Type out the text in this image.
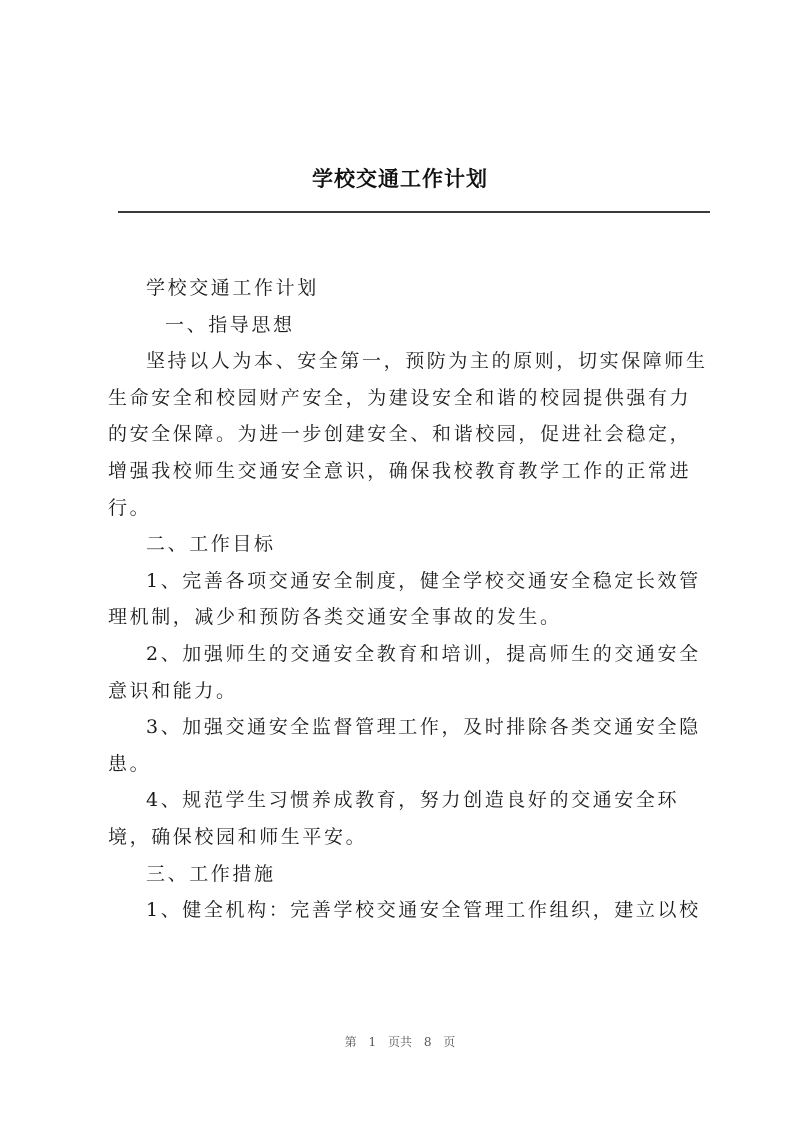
学校交通工作计划

学校交通工作计划

一、指导思想

坚持以人为本、安全第一，预防为主的原则，切实保障师生生命安全和校园财产安全，为建设安全和谐的校园提供强有力的安全保障。为进一步创建安全、和谐校园，促进社会稳定，增强我校师生交通安全意识，确保我校教育教学工作的正常进行。

二、工作目标

1、完善各项交通安全制度，健全学校交通安全稳定长效管理机制，减少和预防各类交通安全事故的发生。

2、加强师生的交通安全教育和培训，提高师生的交通安全意识和能力。

3、加强交通安全监督管理工作，及时排除各类交通安全隐患。

4、规范学生习惯养成教育，努力创造良好的交通安全环境，确保校园和师生平安。

三、工作措施

1、健全机构：完善学校交通安全管理工作组织，建立以校

第 1 页共 8 页
